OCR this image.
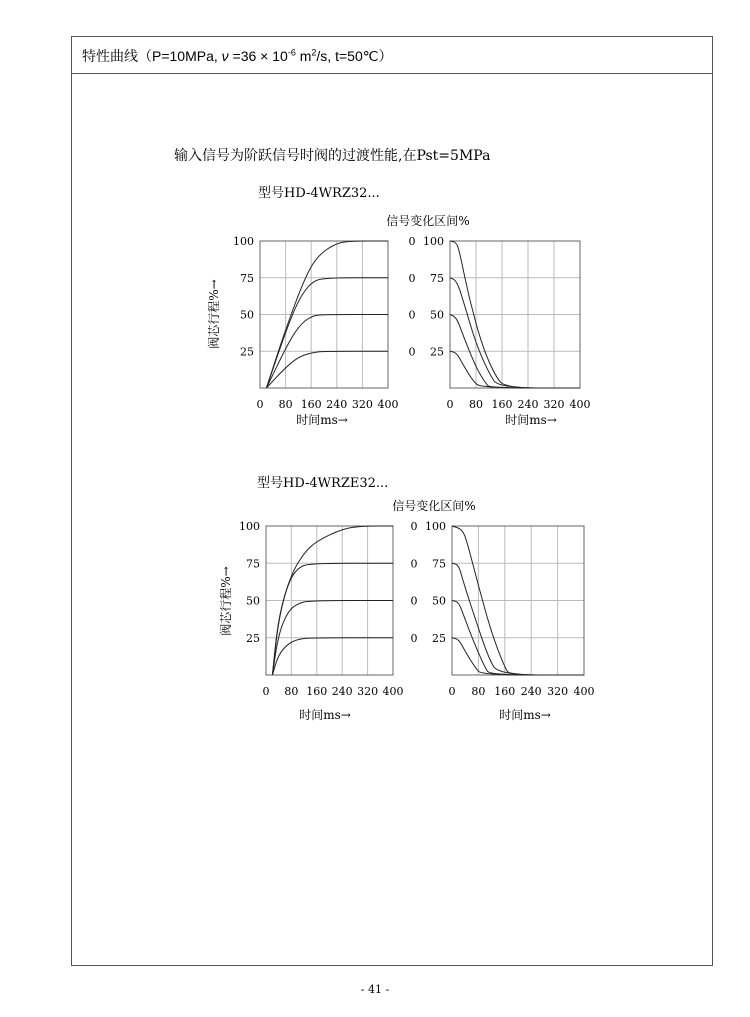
特性曲线（P=10MPa, $\nu =36 \times 10^{-6}$ $m^2/s$, t=50℃）
输入信号为阶跃信号时阀的过渡性能,在Pst=5MPa
型号HD-4WRZ32...
型号HD-4WRZE32...
信号变化区间%
阀芯行程%→
时间ms→	时间ms→
0 80 160 240 320 400
100
75
50
25
0 80 160 240 320 400
100
75
50
25
0
0
0
0
信号变化区间%
阀芯行程%→
时间ms→	时间ms→
0 80 160 240 320 400
100
75
50
25
0 80 160 240 320 400
100
75
50
25
0
0
0
0
- 41 -
